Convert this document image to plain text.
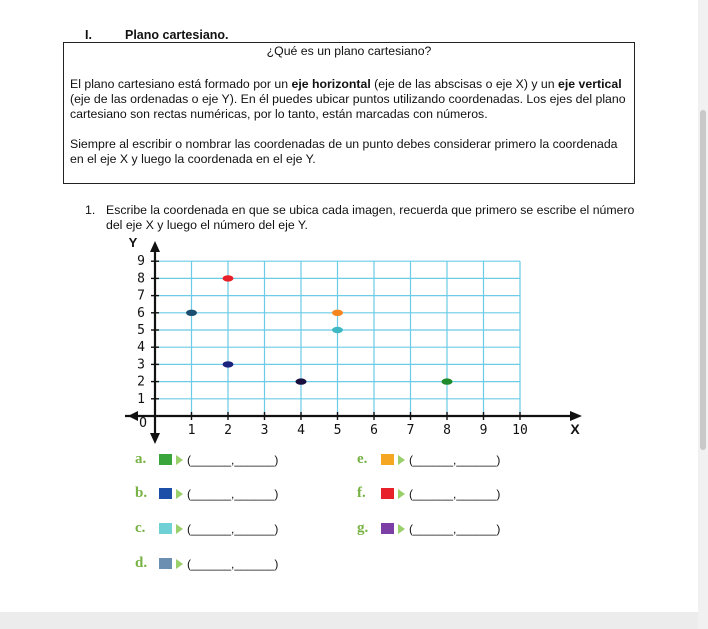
I.	Plano cartesiano.
¿Qué es un plano cartesiano?

El plano cartesiano está formado por un eje horizontal (eje de las abscisas o eje X) y un eje vertical (eje de las ordenadas o eje Y). En él puedes ubicar puntos utilizando coordenadas. Los ejes del plano cartesiano son rectas numéricas, por lo tanto, están marcadas con números.

Siempre al escribir o nombrar las coordenadas de un punto debes considerar primero la coordenada en el eje X y luego la coordenada en el eje Y.

1. Escribe la coordenada en que se ubica cada imagen, recuerda que primero se escribe el número del eje X y luego el número del eje Y.
1 2 3 4 5 6 7 8 9 10
1
2
3
4
5
6
7
8
9
O	X
Y
a.	(______,______)
b.	(______,______)
c.	(______,______)
d.	(______,______)
e.	(______,______)
f.	(______,______)
g.	(______,______)
